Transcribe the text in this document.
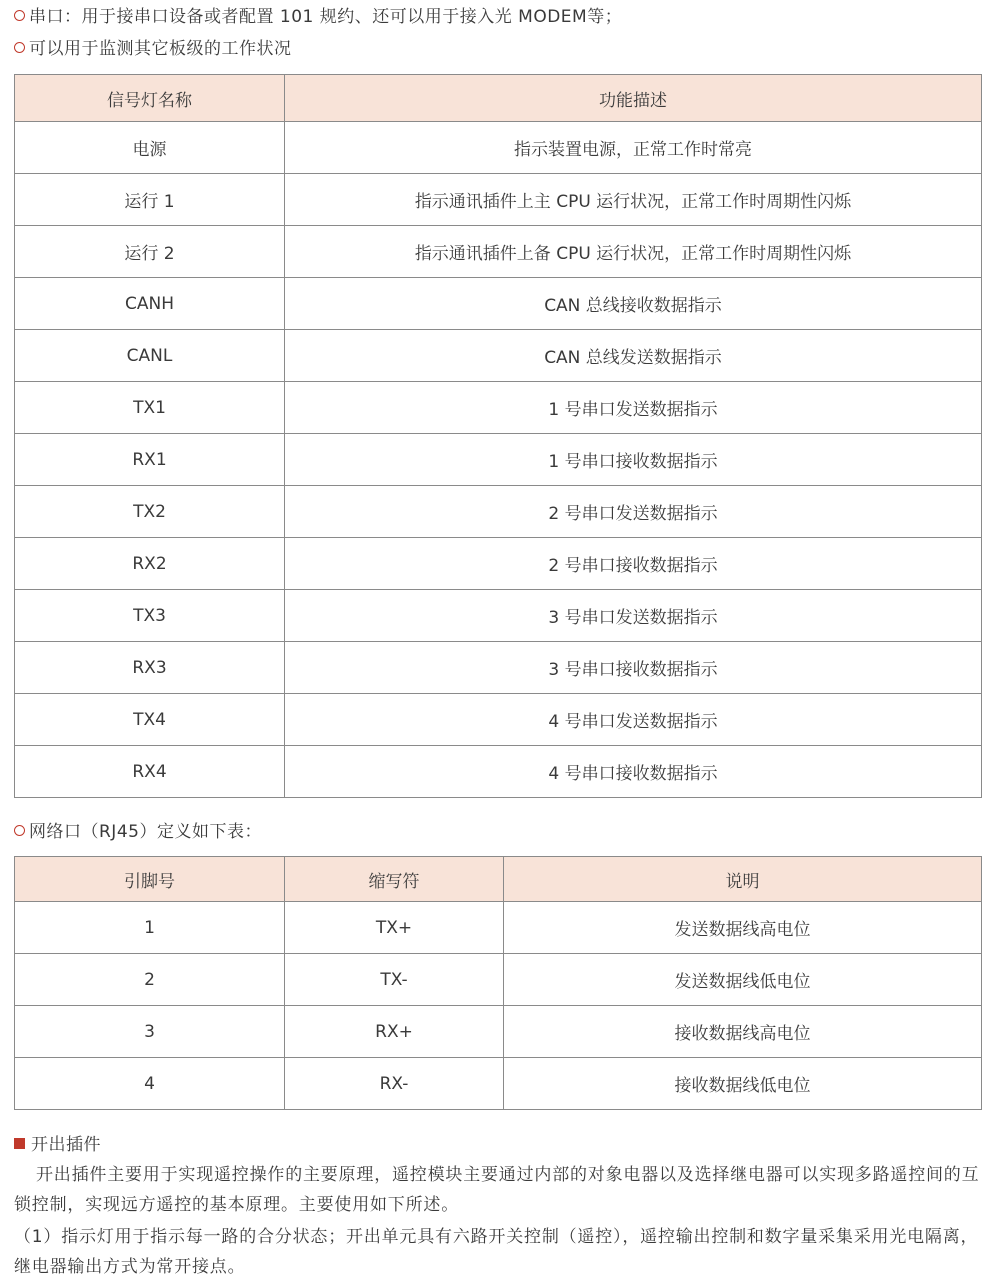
串口：用于接串口设备或者配置 101 规约、还可以用于接入光 MODEM等；
可以用于监测其它板级的工作状况
信号灯名称	功能描述
电源	指示装置电源，正常工作时常亮
运行 1	指示通讯插件上主 CPU 运行状况，正常工作时周期性闪烁
运行 2	指示通讯插件上备 CPU 运行状况，正常工作时周期性闪烁
CANH	CAN 总线接收数据指示
CANL	CAN 总线发送数据指示
TX1	1 号串口发送数据指示
RX1	1 号串口接收数据指示
TX2	2 号串口发送数据指示
RX2	2 号串口接收数据指示
TX3	3 号串口发送数据指示
RX3	3 号串口接收数据指示
TX4	4 号串口发送数据指示
RX4	4 号串口接收数据指示
网络口（RJ45）定义如下表：
引脚号	缩写符	说明
1	TX+	发送数据线高电位
2	TX-	发送数据线低电位
3	RX+	接收数据线高电位
4	RX-	接收数据线低电位
开出插件
开出插件主要用于实现遥控操作的主要原理，遥控模块主要通过内部的对象电器以及选择继电器可以实现多路遥控间的互锁控制，实现远方遥控的基本原理。主要使用如下所述。
（1）指示灯用于指示每一路的合分状态；开出单元具有六路开关控制（遥控），遥控输出控制和数字量采集采用光电隔离，继电器输出方式为常开接点。
